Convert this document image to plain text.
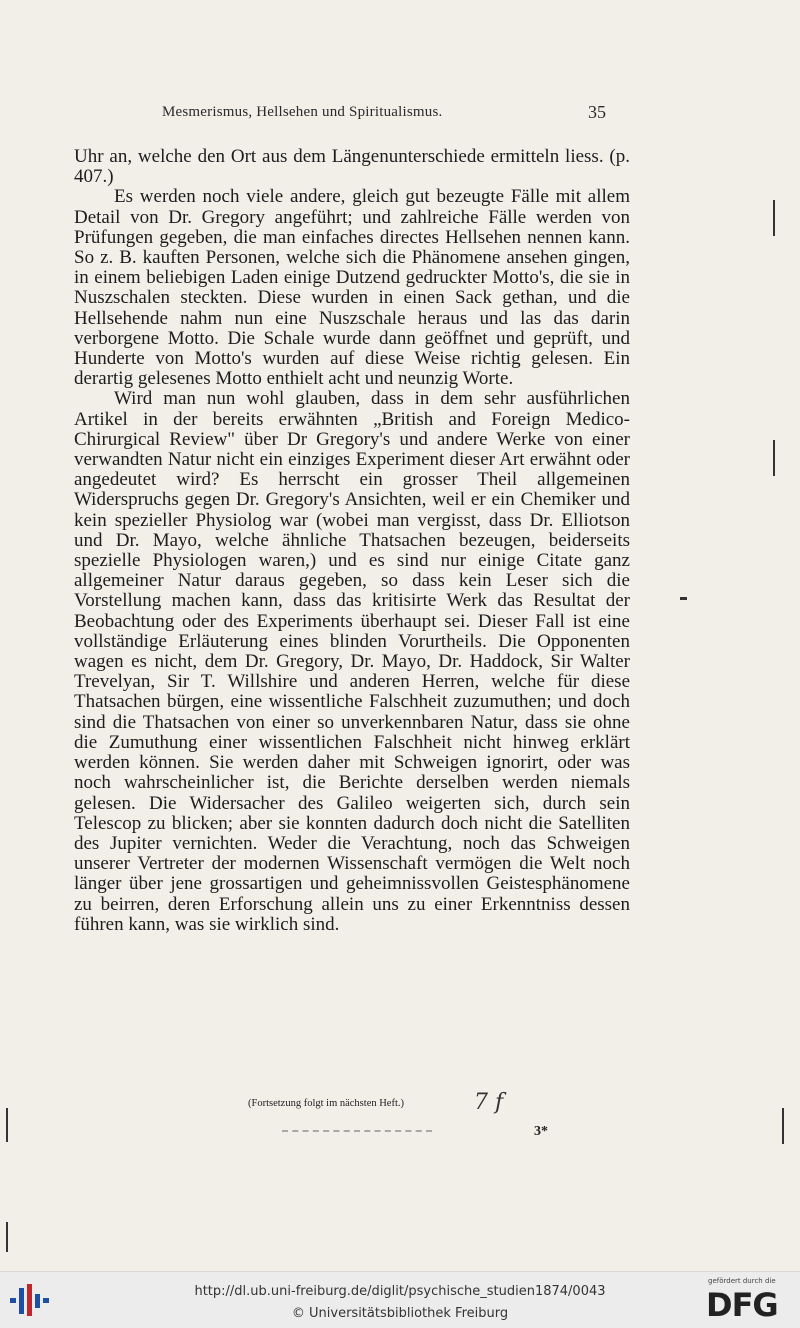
Mesmerismus, Hellsehen und Spiritualismus.	35

Uhr an, welche den Ort aus dem Längenunterschiede ermitteln liess. (p. 407.)

Es werden noch viele andere, gleich gut bezeugte Fälle mit allem Detail von Dr. Gregory angeführt; und zahlreiche Fälle werden von Prüfungen gegeben, die man einfaches directes Hellsehen nennen kann. So z. B. kauften Personen, welche sich die Phänomene ansehen gingen, in einem beliebigen Laden einige Dutzend gedruckter Motto's, die sie in Nuszschalen steckten. Diese wurden in einen Sack gethan, und die Hellsehende nahm nun eine Nuszschale heraus und las das darin verborgene Motto. Die Schale wurde dann geöffnet und geprüft, und Hunderte von Motto's wurden auf diese Weise richtig gelesen. Ein derartig gelesenes Motto enthielt acht und neunzig Worte.

Wird man nun wohl glauben, dass in dem sehr ausführlichen Artikel in der bereits erwähnten „British and Foreign Medico-Chirurgical Review" über Dr Gregory's und andere Werke von einer verwandten Natur nicht ein einziges Experiment dieser Art erwähnt oder angedeutet wird? Es herrscht ein grosser Theil allgemeinen Widerspruchs gegen Dr. Gregory's Ansichten, weil er ein Chemiker und kein spezieller Physiolog war (wobei man vergisst, dass Dr. Elliotson und Dr. Mayo, welche ähnliche Thatsachen bezeugen, beiderseits spezielle Physiologen waren,) und es sind nur einige Citate ganz allgemeiner Natur daraus gegeben, so dass kein Leser sich die Vorstellung machen kann, dass das kritisirte Werk das Resultat der Beobachtung oder des Experiments überhaupt sei. Dieser Fall ist eine vollständige Erläuterung eines blinden Vorurtheils. Die Opponenten wagen es nicht, dem Dr. Gregory, Dr. Mayo, Dr. Haddock, Sir Walter Trevelyan, Sir T. Willshire und anderen Herren, welche für diese Thatsachen bürgen, eine wissentliche Falschheit zuzumuthen; und doch sind die Thatsachen von einer so unverkennbaren Natur, dass sie ohne die Zumuthung einer wissentlichen Falschheit nicht hinweg erklärt werden können. Sie werden daher mit Schweigen ignorirt, oder was noch wahrscheinlicher ist, die Berichte derselben werden niemals gelesen. Die Widersacher des Galileo weigerten sich, durch sein Telescop zu blicken; aber sie konnten dadurch doch nicht die Satelliten des Jupiter vernichten. Weder die Verachtung, noch das Schweigen unserer Vertreter der modernen Wissenschaft vermögen die Welt noch länger über jene grossartigen und geheimnissvollen Geistesphänomene zu beirren, deren Erforschung allein uns zu einer Erkenntniss dessen führen kann, was sie wirklich sind.

(Fortsetzung folgt im nächsten Heft.)	7 f
3*
http://dl.ub.uni-freiburg.de/diglit/psychische_studien1874/0043
© Universitätsbibliothek Freiburg
gefördert durch die
DFG
